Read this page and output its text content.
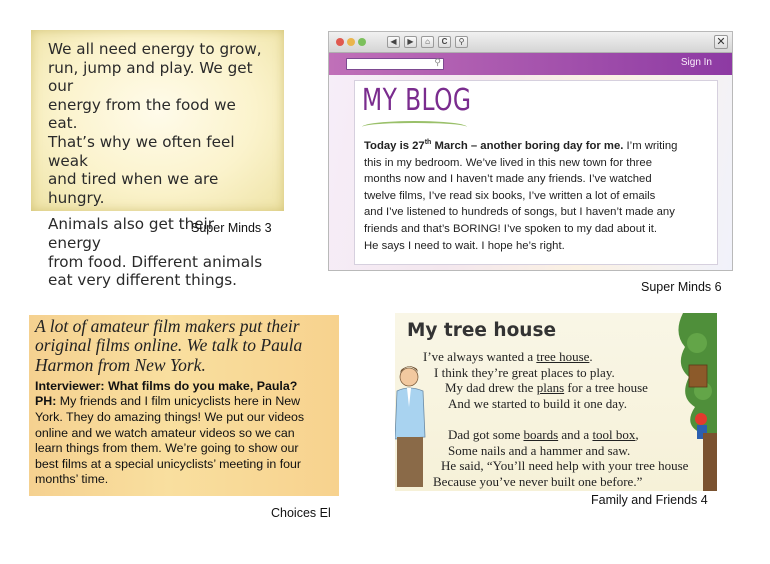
We all need energy to grow,
run, jump and play. We get our
energy from the food we eat.
That’s why we often feel weak
and tired when we are hungry.

Animals also get their energy
from food. Different animals
eat very different things.

Super Minds 3
◀	▶	⌂	C	⚲	✕
⚲	Sign In
MY BLOG
Today is 27th March – another boring day for me. I’m writing
this in my bedroom. We’ve lived in this new town for three
months now and I haven’t made any friends. I’ve watched
twelve films, I’ve read six books, I’ve written a lot of emails
and I’ve listened to hundreds of songs, but I haven’t made any
friends and that’s BORING! I’ve spoken to my dad about it.
He says I need to wait. I hope he’s right.
Super Minds 6
A lot of amateur film makers put their
original films online. We talk to Paula
Harmon from New York.
Interviewer: What films do you make, Paula?
PH: My friends and I film unicyclists here in New
York. They do amazing things! We put our videos
online and we watch amateur videos so we can
learn things from them. We’re going to show our
best films at a special unicyclists’ meeting in four
months’ time.
Choices El
My tree house
I’ve always wanted a tree house.
I think they’re great places to play.
My dad drew the plans for a tree house
And we started to build it one day.

Dad got some boards and a tool box,
Some nails and a hammer and saw.
He said, “You’ll need help with your tree house
Because you’ve never built one before.”
Family and Friends 4
